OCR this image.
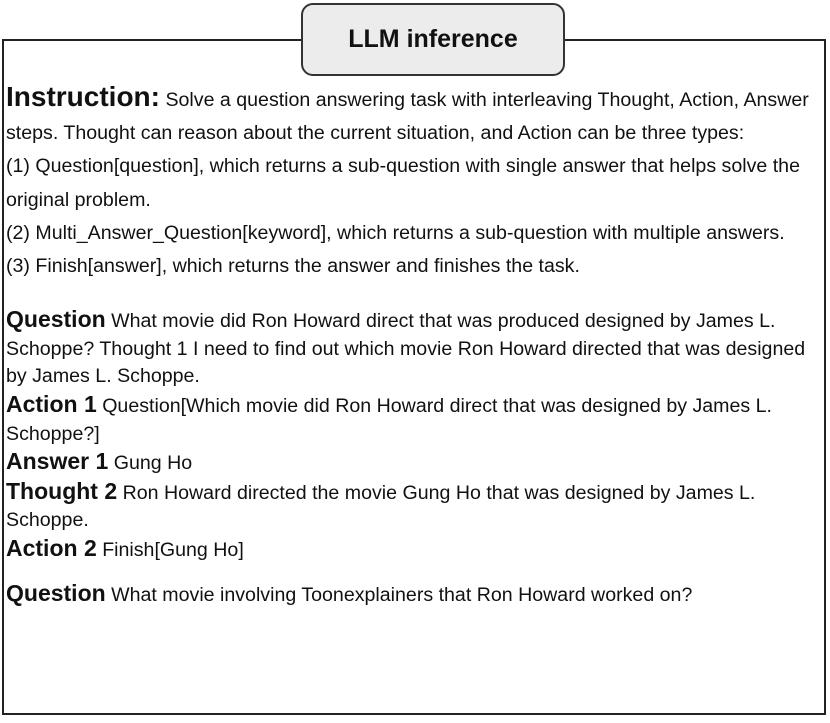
LLM inference

Instruction: Solve a question answering task with interleaving Thought, Action, Answer steps. Thought can reason about the current situation, and Action can be three types:

(1) Question[question], which returns a sub-question with single answer that helps solve the original problem.

(2) Multi_Answer_Question[keyword], which returns a sub-question with multiple answers.

(3) Finish[answer], which returns the answer and finishes the task.

Question What movie did Ron Howard direct that was produced designed by James L. Schoppe? Thought 1 I need to find out which movie Ron Howard directed that was designed by James L. Schoppe.

Action 1 Question[Which movie did Ron Howard direct that was designed by James L. Schoppe?]

Answer 1 Gung Ho

Thought 2 Ron Howard directed the movie Gung Ho that was designed by James L. Schoppe.

Action 2 Finish[Gung Ho]

Question What movie involving Toonexplainers that Ron Howard worked on?
